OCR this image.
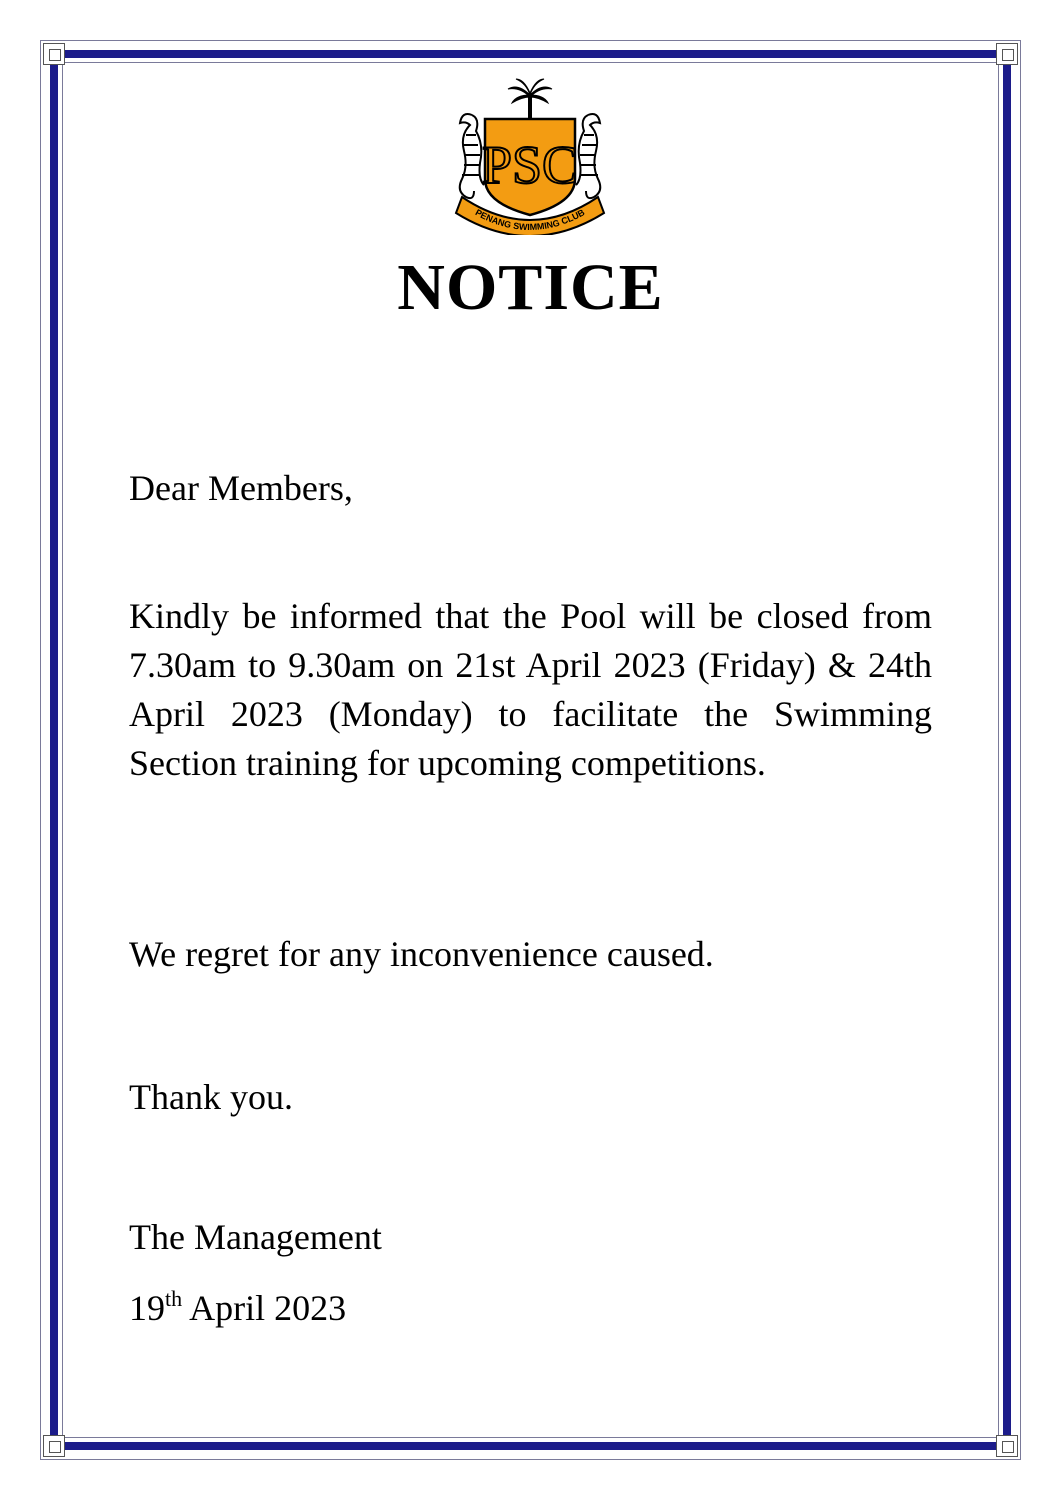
PSC
PENANG SWIMMING CLUB
NOTICE

Dear Members,

Kindly be informed that the Pool will be closed from 7.30am to 9.30am on 21st April 2023 (Friday) & 24th April 2023 (Monday) to facilitate the Swimming Section training for upcoming competitions.

We regret for any inconvenience caused.

Thank you.

The Management

19th April 2023
